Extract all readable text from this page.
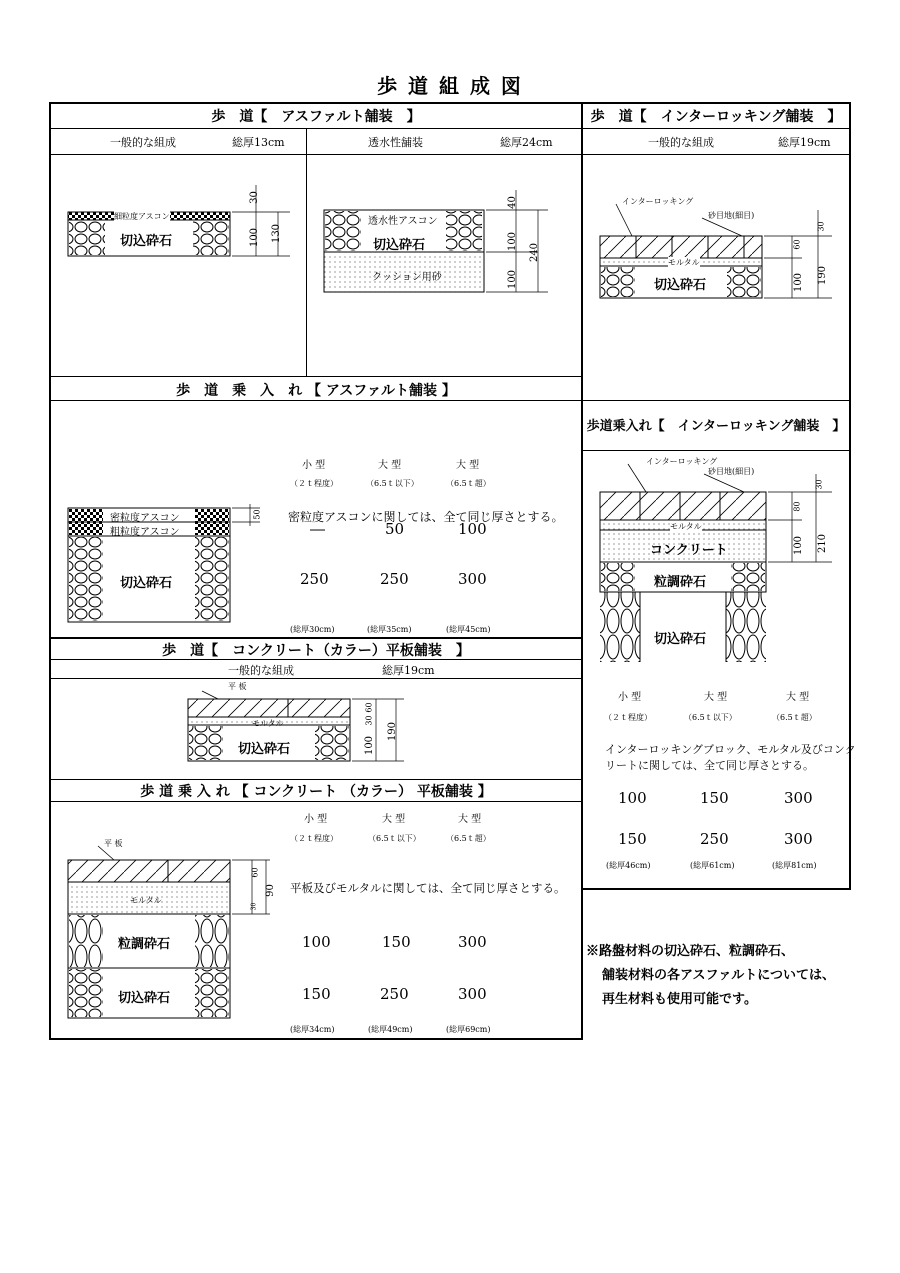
歩 道 組 成 図
歩　道【　アスファルト舗装　】
一般的な組成	総厚13cm	透水性舗装	総厚24cm
細粒度アスコン
切込砕石
30
100 130
透水性アスコン
切込砕石
クッション用砂
40
100
100
240
歩　道　乗　入　れ 【 アスファルト舗装 】
小 型	大 型	大 型
（２ｔ程度）	（6.5ｔ以下）	（6.5ｔ超）
密粒度アスコンに関しては、全て同じ厚さとする。
―	50	100
250	250	300
(総厚30cm)	(総厚35cm)	(総厚45cm)
密粒度アスコン
粗粒度アスコン
切込砕石
50
歩　道【　コンクリート（カラー）平板舗装　】
一般的な組成	総厚19cm
平 板
モルタル
切込砕石
60
30
100
190
歩 道 乗 入 れ 【 コンクリート （カラー） 平板舗装 】
小 型	大 型	大 型
（２ｔ程度）	（6.5ｔ以下）	（6.5ｔ超）
平板及びモルタルに関しては、全て同じ厚さとする。
100	150	300
150	250	300
(総厚34cm)	(総厚49cm)	(総厚69cm)
平 板
モルタル
粒調砕石
切込砕石
60
30
90
歩　道【　インターロッキング舗装　】
一般的な組成	総厚19cm
インターロッキング
砂目地(細目)
モルタル
切込砕石
30
60
100 190
歩道乗入れ【　インターロッキング舗装　】
インターロッキング
砂目地(細目)
モルタル
コンクリート
粒調砕石
切込砕石
30
80
100 210
小 型	大 型	大 型
（２ｔ程度）	（6.5ｔ以下）	（6.5ｔ超）
インターロッキングブロック、モルタル及びコンク
リートに関しては、全て同じ厚さとする。
100	150	300
150	250	300
(総厚46cm)	(総厚61cm)	(総厚81cm)
※路盤材料の切込砕石、粒調砕石、
舗装材料の各アスファルトについては、
再生材料も使用可能です。
